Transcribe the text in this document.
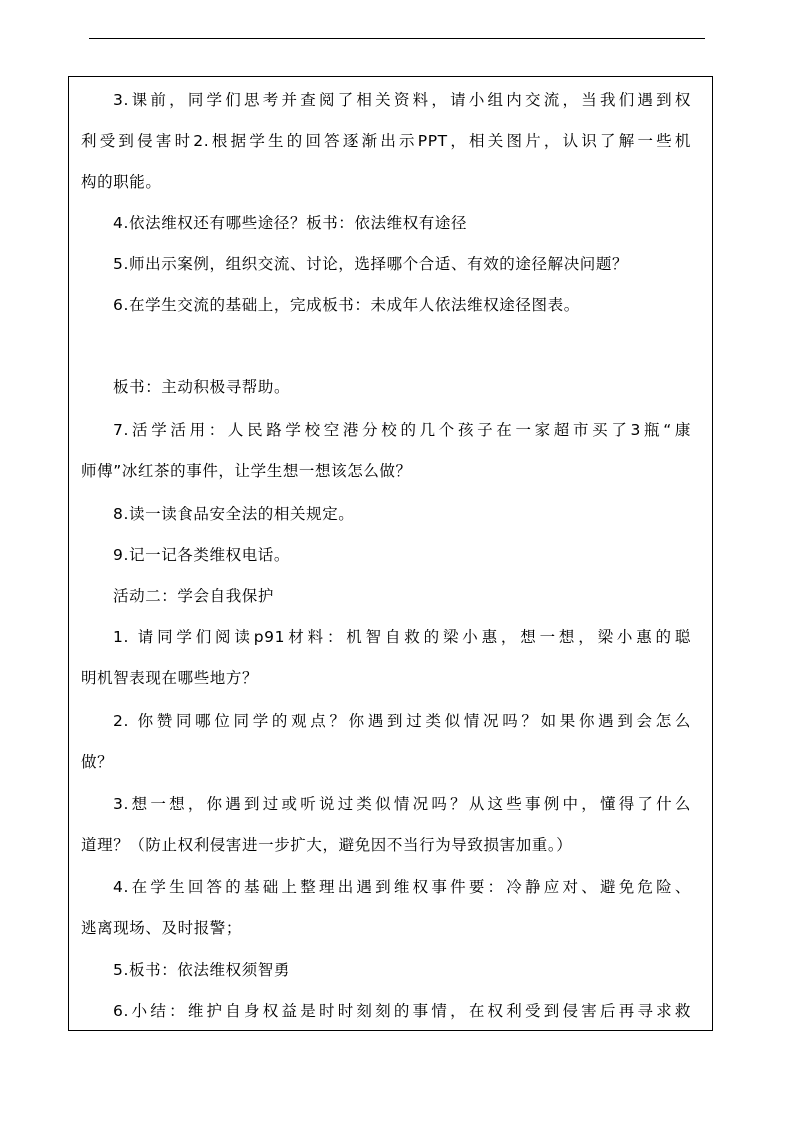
3.课前，同学们思考并查阅了相关资料，请小组内交流，当我们遇到权
利受到侵害时2.根据学生的回答逐渐出示PPT，相关图片，认识了解一些机
构的职能。
4.依法维权还有哪些途径？板书：依法维权有途径
5.师出示案例，组织交流、讨论，选择哪个合适、有效的途径解决问题？
6.在学生交流的基础上，完成板书：未成年人依法维权途径图表。
板书：主动积极寻帮助。
7.活学活用：人民路学校空港分校的几个孩子在一家超市买了3瓶“康
师傅”冰红茶的事件，让学生想一想该怎么做？
8.读一读食品安全法的相关规定。
9.记一记各类维权电话。
活动二：学会自我保护
1. 请同学们阅读p91材料：机智自救的梁小惠，想一想，梁小惠的聪
明机智表现在哪些地方？
2. 你赞同哪位同学的观点？你遇到过类似情况吗？如果你遇到会怎么
做？
3.想一想，你遇到过或听说过类似情况吗？从这些事例中，懂得了什么
道理？（防止权利侵害进一步扩大，避免因不当行为导致损害加重。）
4.在学生回答的基础上整理出遇到维权事件要：冷静应对、避免危险、
逃离现场、及时报警；
5.板书：依法维权须智勇
6.小结：维护自身权益是时时刻刻的事情，在权利受到侵害后再寻求救
